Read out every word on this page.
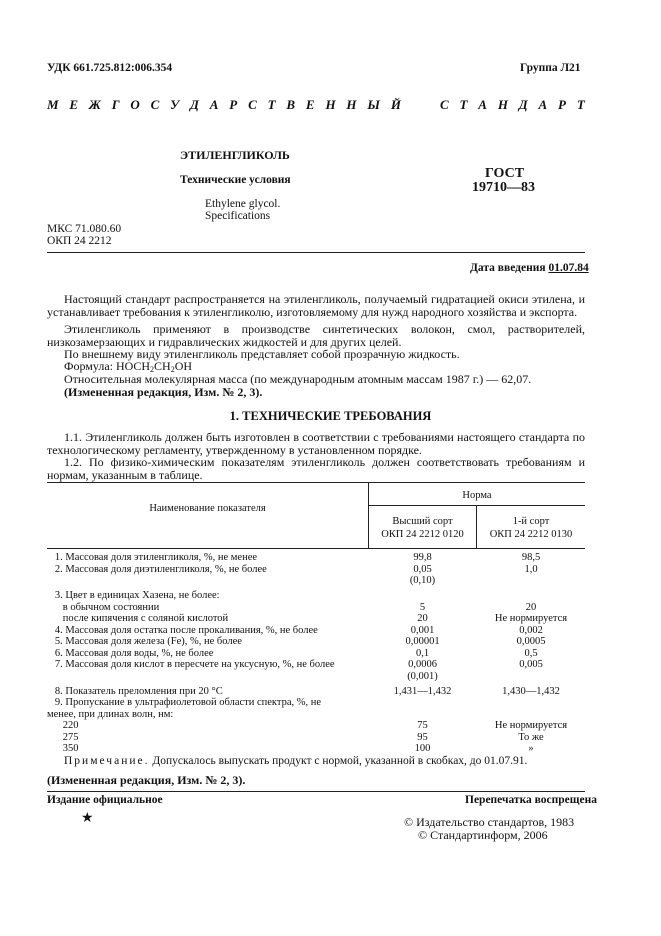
УДК 661.725.812:006.354	Группа Л21
М Е Ж Г О С У Д А Р С Т В Е Н Н Ы Й

	С Т А Н Д А Р Т
ЭТИЛЕНГЛИКОЛЬ
Технические условия
Ethylene glycol.
Specifications
ГОСТ
19710—83
МКС 71.080.60
ОКП 24 2212
Дата введения 01.07.84
Настоящий стандарт распространяется на этиленгликоль, получаемый гидратацией окиси этилена, и устанавливает требования к этиленгликолю, изготовляемому для нужд народного хозяйства и экспорта.
Этиленгликоль применяют в производстве синтетических волокон, смол, растворителей, низкозамерзающих и гидравлических жидкостей и для других целей.
По внешнему виду этиленгликоль представляет собой прозрачную жидкость.
Формула: $HOCH_2CH_2OH$
Относительная молекулярная масса (по международным атомным массам 1987 г.) — 62,07.
(Измененная редакция, Изм. № 2, 3).
1. ТЕХНИЧЕСКИЕ ТРЕБОВАНИЯ
1.1. Этиленгликоль должен быть изготовлен в соответствии с требованиями настоящего стандарта по технологическому регламенту, утвержденному в установленном порядке.
1.2. По физико-химическим показателям этиленгликоль должен соответствовать требованиям и нормам, указанным в таблице.
Наименование показателя
Норма
Высший сорт
ОКП 24 2212 0120
1-й сорт
ОКП 24 2212 0130
1. Массовая доля этиленгликоля, %, не менее	99,8	98,5
2. Массовая доля диэтиленгликоля, %, не более	0,05	1,0
(0,10)
3. Цвет в единицах Хазена, не более:
в обычном состоянии	5	20
после кипячения с соляной кислотой	20	Не нормируется
4. Массовая доля остатка после прокаливания, %, не более	0,001	0,002
5. Массовая доля железа (Fe), %, не более	0,00001	0,0005
6. Массовая доля воды, %, не более	0,1	0,5
7. Массовая доля кислот в пересчете на уксусную, %, не более	0,0006	0,005
(0,001)
8. Показатель преломления при 20 °С	1,431—1,432	1,430—1,432
9. Пропускание в ультрафиолетовой области спектра, %, не
менее, при длинах волн, нм:
220	75	Не нормируется
275	95	То же
350	100	»
Примечание. Допускалось выпускать продукт с нормой, указанной в скобках, до 01.07.91.
(Измененная редакция, Изм. № 2, 3).
Издание официальное	Перепечатка воспрещена
★	© Издательство стандартов, 1983
© Стандартинформ, 2006
